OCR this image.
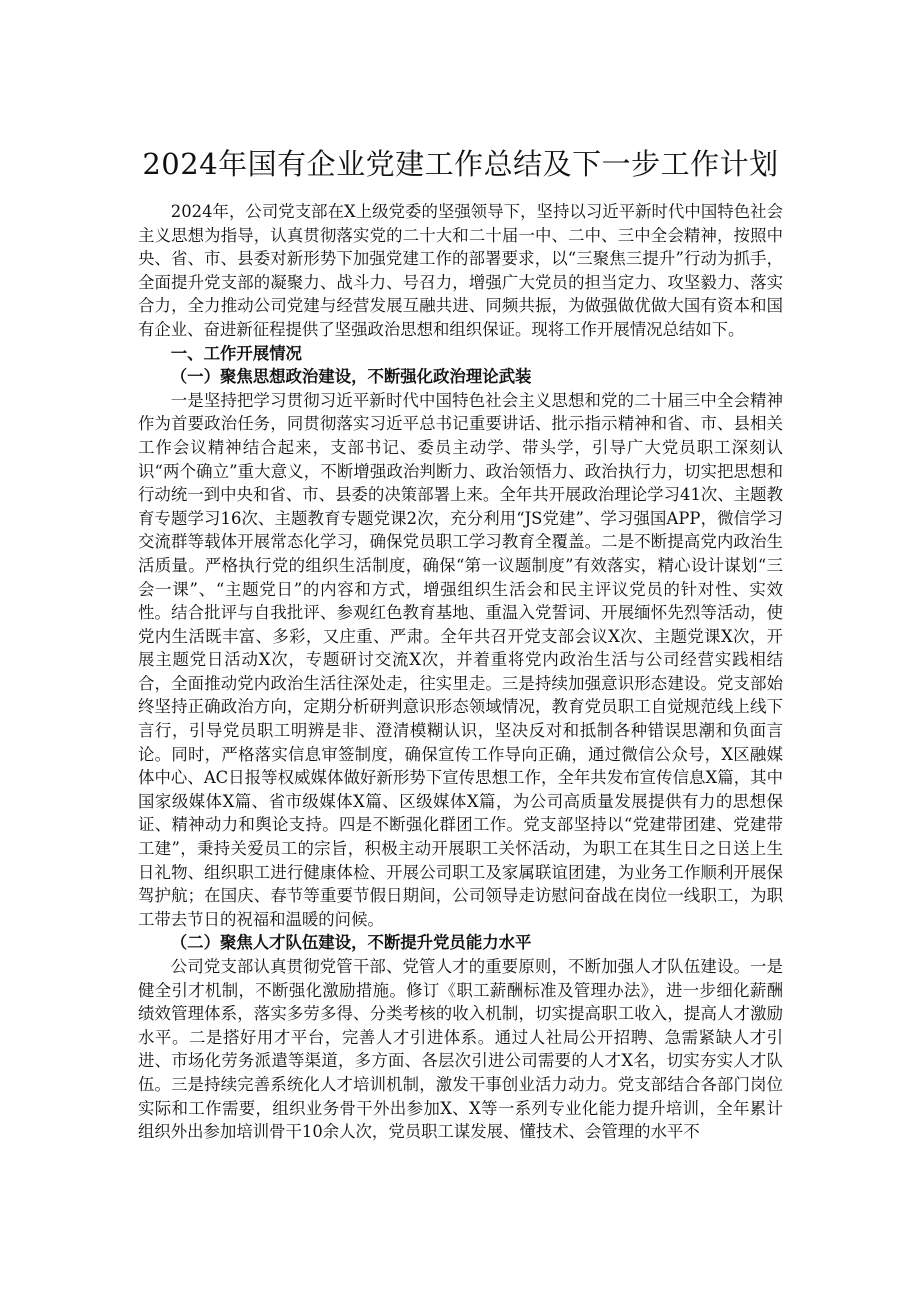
2024年国有企业党建工作总结及下一步工作计划

2024年，公司党支部在X上级党委的坚强领导下，坚持以习近平新时代中国特色社会主义思想为指导，认真贯彻落实党的二十大和二十届一中、二中、三中全会精神，按照中央、省、市、县委对新形势下加强党建工作的部署要求，以“三聚焦三提升”行动为抓手，全面提升党支部的凝聚力、战斗力、号召力，增强广大党员的担当定力、攻坚毅力、落实合力，全力推动公司党建与经营发展互融共进、同频共振，为做强做优做大国有资本和国有企业、奋进新征程提供了坚强政治思想和组织保证。现将工作开展情况总结如下。

一、工作开展情况

（一）聚焦思想政治建设，不断强化政治理论武装

一是坚持把学习贯彻习近平新时代中国特色社会主义思想和党的二十届三中全会精神作为首要政治任务，同贯彻落实习近平总书记重要讲话、批示指示精神和省、市、县相关工作会议精神结合起来，支部书记、委员主动学、带头学，引导广大党员职工深刻认识“两个确立”重大意义，不断增强政治判断力、政治领悟力、政治执行力，切实把思想和行动统一到中央和省、市、县委的决策部署上来。全年共开展政治理论学习41次、主题教育专题学习16次、主题教育专题党课2次，充分利用“JS党建”、学习强国APP，微信学习交流群等载体开展常态化学习，确保党员职工学习教育全覆盖。二是不断提高党内政治生活质量。严格执行党的组织生活制度，确保“第一议题制度”有效落实，精心设计谋划“三会一课”、“主题党日”的内容和方式，增强组织生活会和民主评议党员的针对性、实效性。结合批评与自我批评、参观红色教育基地、重温入党誓词、开展缅怀先烈等活动，使党内生活既丰富、多彩，又庄重、严肃。全年共召开党支部会议X次、主题党课X次，开展主题党日活动X次，专题研讨交流X次，并着重将党内政治生活与公司经营实践相结合，全面推动党内政治生活往深处走，往实里走。三是持续加强意识形态建设。党支部始终坚持正确政治方向，定期分析研判意识形态领域情况，教育党员职工自觉规范线上线下言行，引导党员职工明辨是非、澄清模糊认识，坚决反对和抵制各种错误思潮和负面言论。同时，严格落实信息审签制度，确保宣传工作导向正确，通过微信公众号，X区融媒体中心、AC日报等权威媒体做好新形势下宣传思想工作，全年共发布宣传信息X篇，其中国家级媒体X篇、省市级媒体X篇、区级媒体X篇，为公司高质量发展提供有力的思想保证、精神动力和舆论支持。四是不断强化群团工作。党支部坚持以“党建带团建、党建带工建”，秉持关爱员工的宗旨，积极主动开展职工关怀活动，为职工在其生日之日送上生日礼物、组织职工进行健康体检、开展公司职工及家属联谊团建，为业务工作顺利开展保驾护航；在国庆、春节等重要节假日期间，公司领导走访慰问奋战在岗位一线职工，为职工带去节日的祝福和温暖的问候。

（二）聚焦人才队伍建设，不断提升党员能力水平

公司党支部认真贯彻党管干部、党管人才的重要原则，不断加强人才队伍建设。一是健全引才机制，不断强化激励措施。修订《职工薪酬标准及管理办法》，进一步细化薪酬绩效管理体系，落实多劳多得、分类考核的收入机制，切实提高职工收入，提高人才激励水平。二是搭好用才平台，完善人才引进体系。通过人社局公开招聘、急需紧缺人才引进、市场化劳务派遣等渠道，多方面、各层次引进公司需要的人才X名，切实夯实人才队伍。三是持续完善系统化人才培训机制，激发干事创业活力动力。党支部结合各部门岗位实际和工作需要，组织业务骨干外出参加X、X等一系列专业化能力提升培训，全年累计组织外出参加培训骨干10余人次，党员职工谋发展、懂技术、会管理的水平不
